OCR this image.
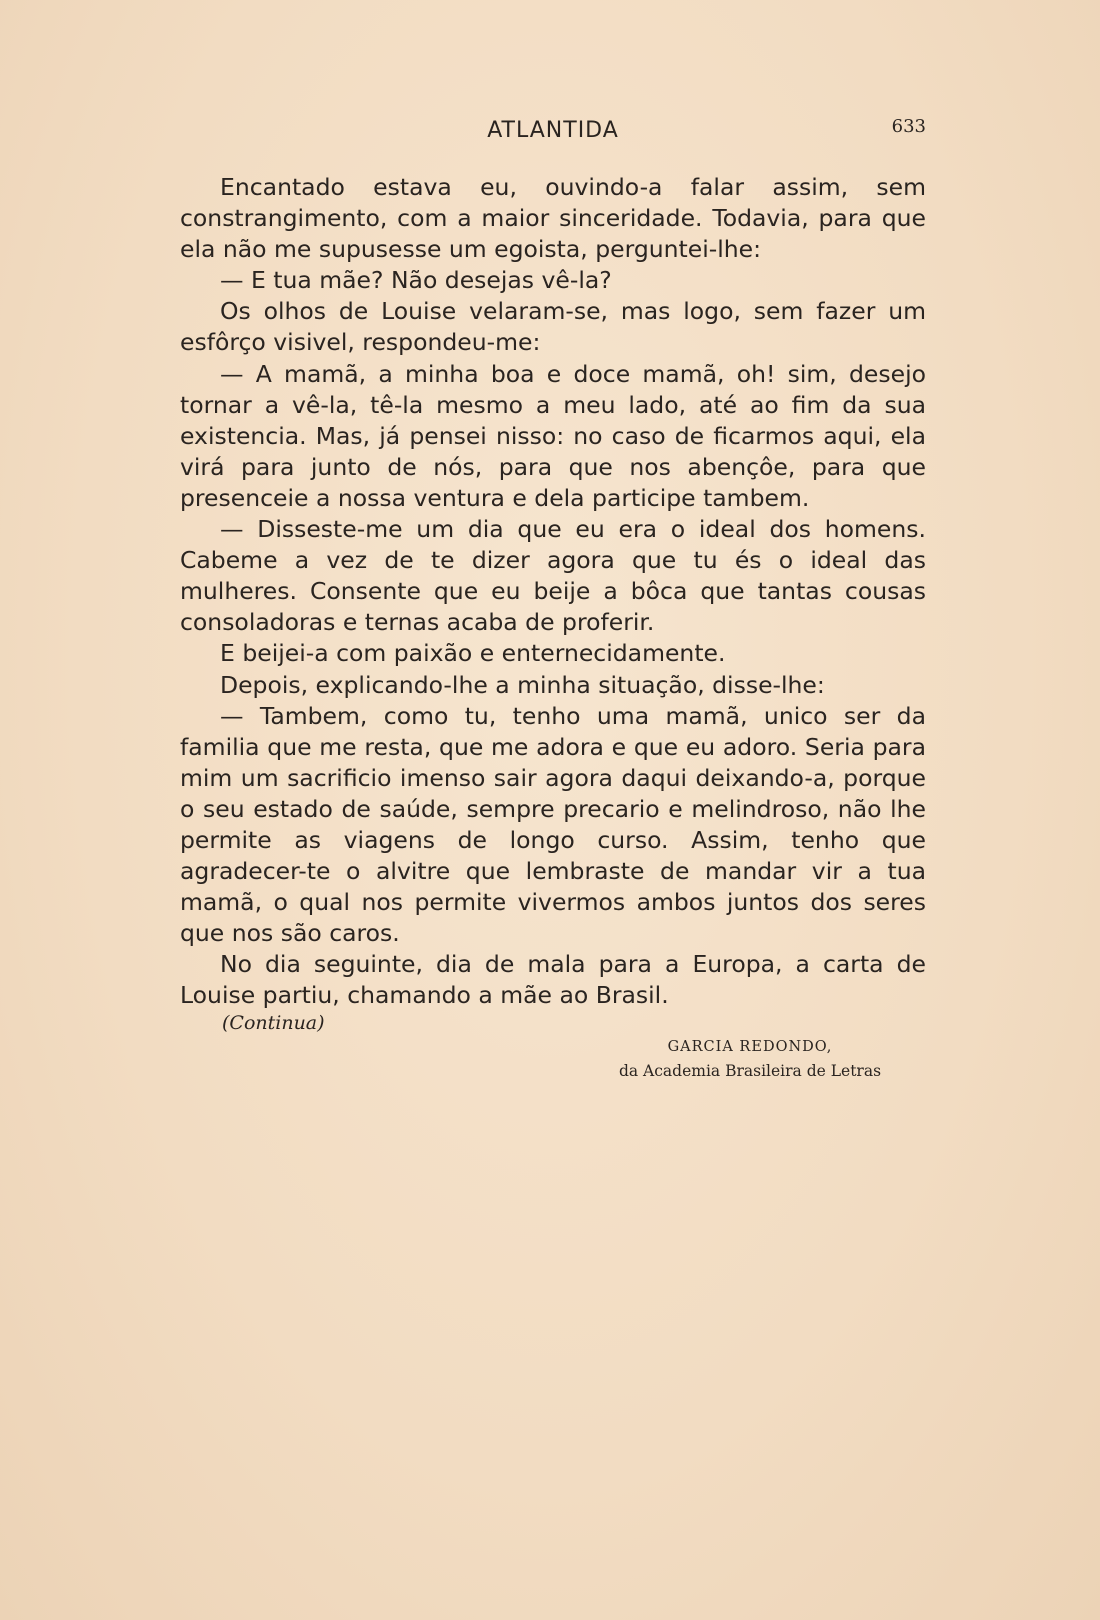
ATLANTIDA	633

Encantado estava eu, ouvindo-a falar assim, sem constrangimento, com a maior sinceridade. Todavia, para que ela não me supusesse um egoista, perguntei-lhe:

— E tua mãe? Não desejas vê-la?

Os olhos de Louise velaram-se, mas logo, sem fazer um esfôrço visivel, respondeu-me:

— A mamã, a minha boa e doce mamã, oh! sim, desejo tornar a vê-la, tê-la mesmo a meu lado, até ao fim da sua existencia. Mas, já pensei nisso: no caso de ficarmos aqui, ela virá para junto de nós, para que nos abençôe, para que presenceie a nossa ventura e dela participe tambem.

— Disseste-me um dia que eu era o ideal dos homens. Cabeme a vez de te dizer agora que tu és o ideal das mulheres. Consente que eu beije a bôca que tantas cousas consoladoras e ternas acaba de proferir.

E beijei-a com paixão e enternecidamente.

Depois, explicando-lhe a minha situação, disse-lhe:

— Tambem, como tu, tenho uma mamã, unico ser da familia que me resta, que me adora e que eu adoro. Seria para mim um sacrificio imenso sair agora daqui deixando-a, porque o seu estado de saúde, sempre precario e melindroso, não lhe permite as viagens de longo curso. Assim, tenho que agradecer-te o alvitre que lembraste de mandar vir a tua mamã, o qual nos permite vivermos ambos juntos dos seres que nos são caros.

No dia seguinte, dia de mala para a Europa, a carta de Louise partiu, chamando a mãe ao Brasil.

(Continua)
GARCIA REDONDO,
da Academia Brasileira de Letras
